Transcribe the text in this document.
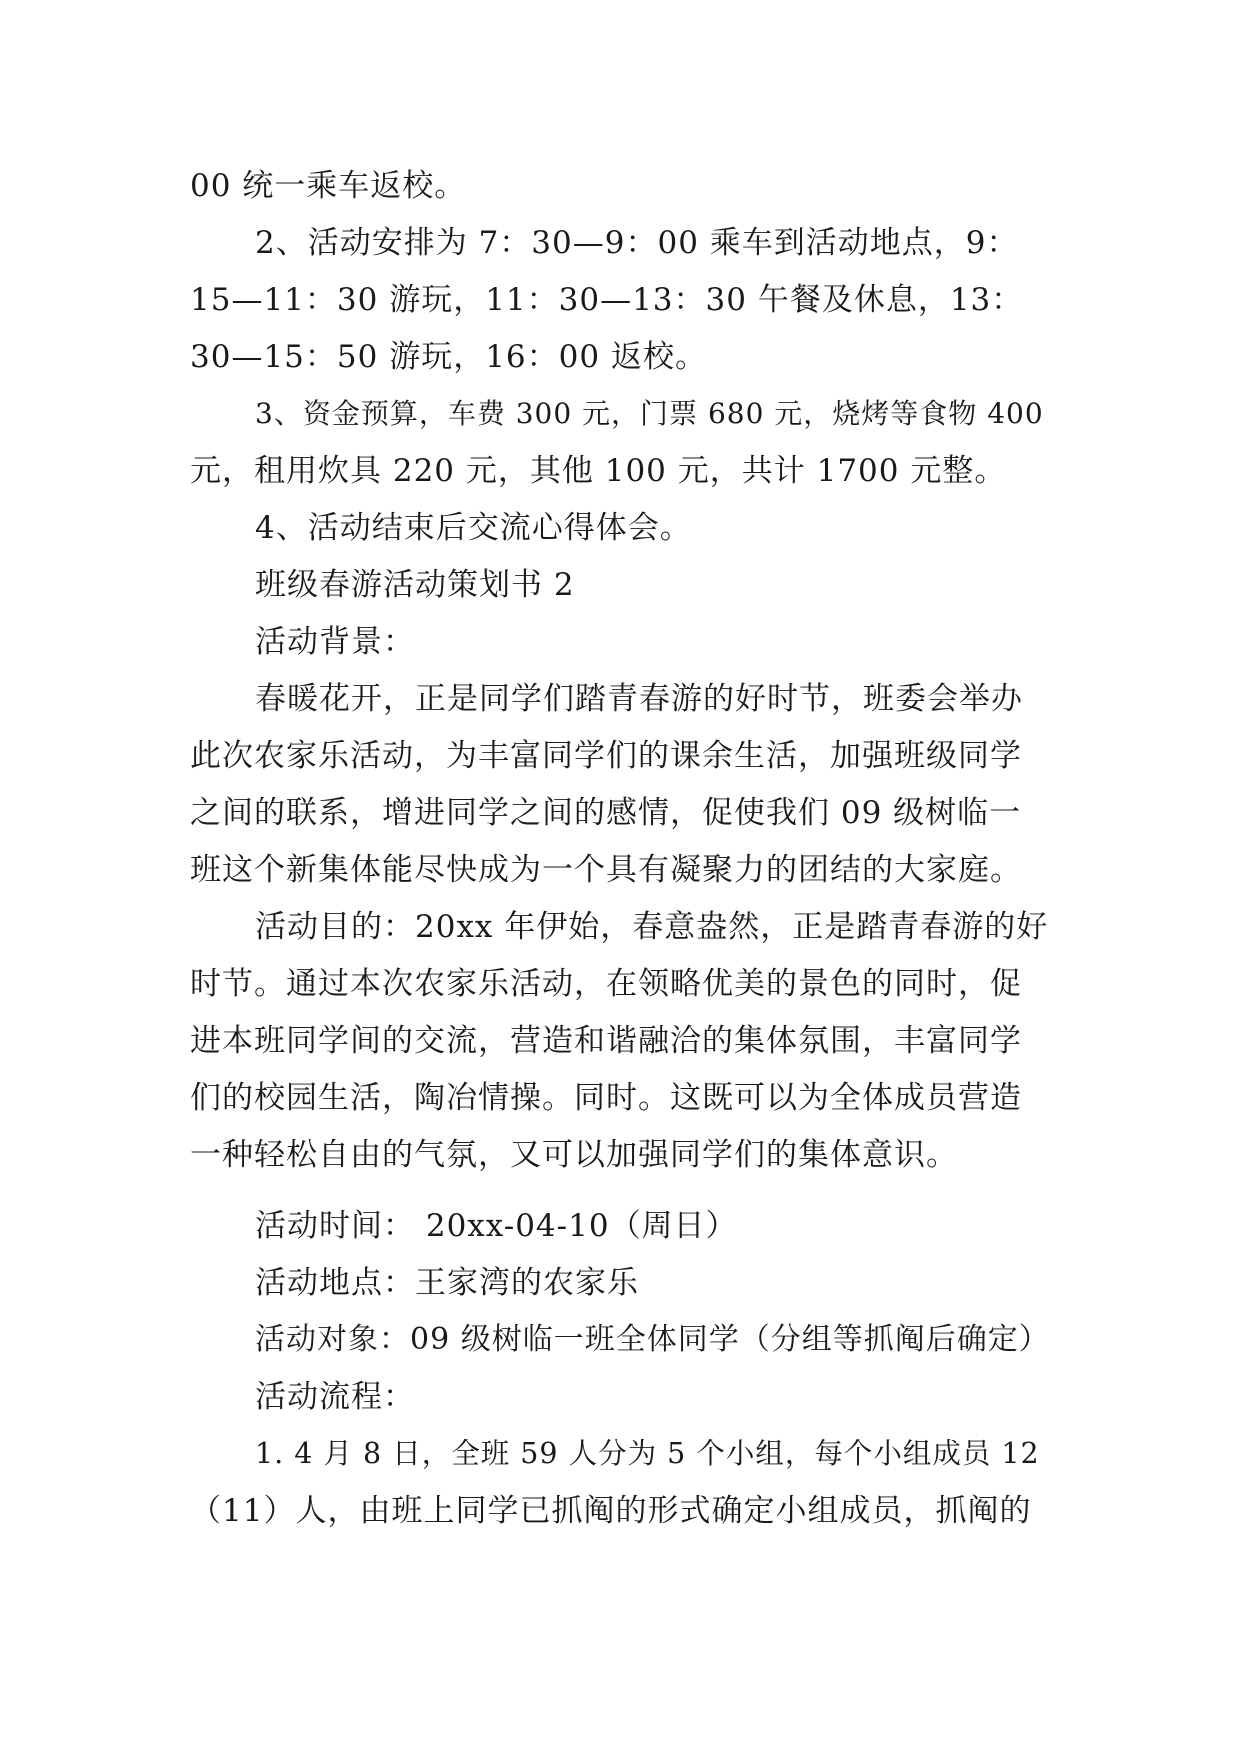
00 统一乘车返校。
2、活动安排为 7：30—9：00 乘车到活动地点，9：
15—11：30 游玩，11：30—13：30 午餐及休息，13：
30—15：50 游玩，16：00 返校。
3、资金预算，车费 300 元，门票 680 元，烧烤等食物 400
元，租用炊具 220 元，其他 100 元，共计 1700 元整。
4、活动结束后交流心得体会。
班级春游活动策划书 2
活动背景：
春暖花开，正是同学们踏青春游的好时节，班委会举办
此次农家乐活动，为丰富同学们的课余生活，加强班级同学
之间的联系，增进同学之间的感情，促使我们 09 级树临一
班这个新集体能尽快成为一个具有凝聚力的团结的大家庭。
活动目的：20xx 年伊始，春意盎然，正是踏青春游的好
时节。通过本次农家乐活动，在领略优美的景色的同时，促
进本班同学间的交流，营造和谐融洽的集体氛围，丰富同学
们的校园生活，陶冶情操。同时。这既可以为全体成员营造
一种轻松自由的气氛，又可以加强同学们的集体意识。
活动时间： 20xx-04-10（周日）
活动地点：王家湾的农家乐
活动对象：09 级树临一班全体同学（分组等抓阄后确定）
活动流程：
1. 4 月 8 日，全班 59 人分为 5 个小组，每个小组成员 12
（11）人，由班上同学已抓阄的形式确定小组成员，抓阄的
